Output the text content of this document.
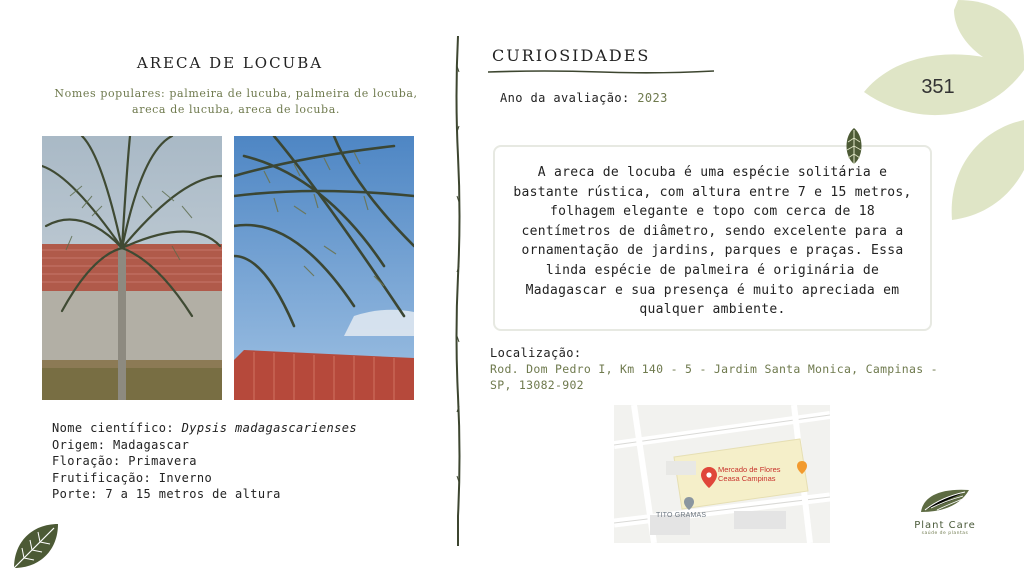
ARECA DE LOCUBA
Nomes populares: palmeira de lucuba, palmeira de locuba, areca de lucuba, areca de locuba.
Nome científico: Dypsis madagascarienses
Origem: Madagascar
Floração: Primavera
Frutificação: Inverno
Porte: 7 a 15 metros de altura
CURIOSIDADES
Ano da avaliação: 2023
A areca de locuba é uma espécie solitária e bastante rústica, com altura entre 7 e 15 metros, folhagem elegante e topo com cerca de 18 centímetros de diâmetro, sendo excelente para a ornamentação de jardins, parques e praças. Essa linda espécie de palmeira é originária de Madagascar e sua presença é muito apreciada em qualquer ambiente.
Localização:
Rod. Dom Pedro I, Km 140 - 5 - Jardim Santa Monica, Campinas - SP, 13082-902
Mercado de Flores
Ceasa Campinas
TITO GRAMAS
351
Plant Care
saúde de plantas
